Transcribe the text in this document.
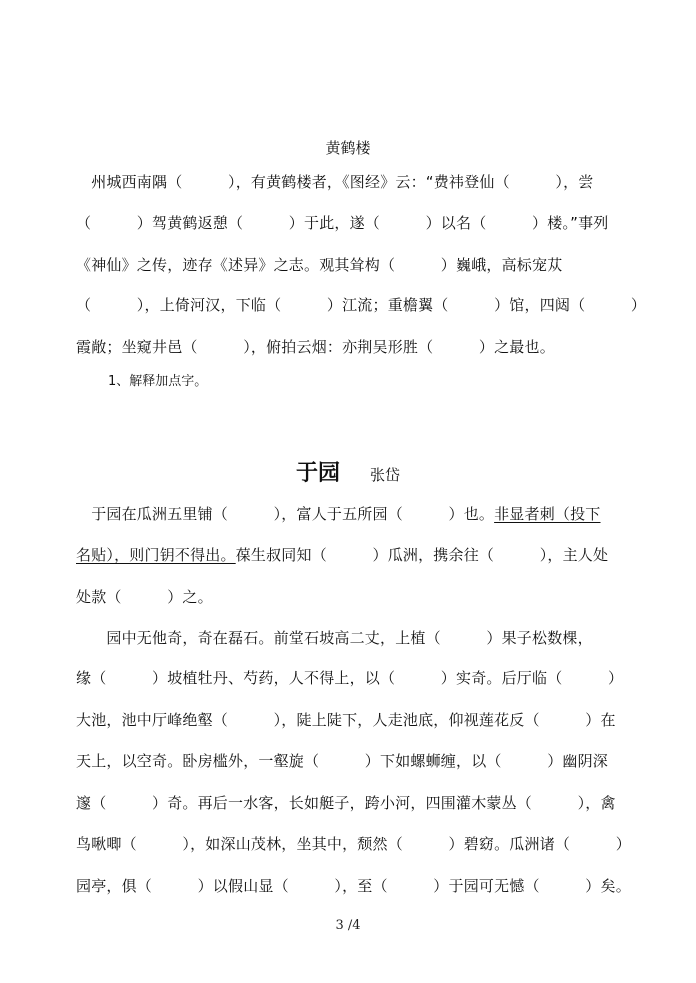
黄鹤楼
　州城西南隅（　　　），有黄鹤楼者，《图经》云：“费祎登仙（　　　），尝
（　　　）驾黄鹤返憩（　　　）于此，遂（　　　）以名（　　　）楼。”事列
《神仙》之传，迹存《述异》之志。观其耸构（　　　）巍峨，高标宠苁
（　　　），上倚河汉，下临（　　　）江流；重檐翼（　　　）馆，四闼（　　　）
霞敞；坐窥井邑（　　　），俯拍云烟：亦荆吴形胜（　　　）之最也。
1、解释加点字。
于园 张岱
　于园在瓜洲五里铺（　　　），富人于五所园（　　　）也。非显者刺（投下
名贴），则门钥不得出。葆生叔同知（　　　）瓜洲，携余往（　　　），主人处
处款（　　　）之。
　　园中无他奇，奇在磊石。前堂石坡高二丈，上植（　　　）果子松数棵，
缘（　　　）坡植牡丹、芍药，人不得上，以（　　　）实奇。后厅临（　　　）
大池，池中厅峰绝壑（　　　），陡上陡下，人走池底，仰视莲花反（　　　）在
天上，以空奇。卧房槛外，一壑旋（　　　）下如螺蛳缠，以（　　　）幽阴深
邃（　　　）奇。再后一水客，长如艇子，跨小河，四围灌木蒙丛（　　　），禽
鸟啾唧（　　　），如深山茂林，坐其中，颓然（　　　）碧窈。瓜洲诸（　　　）
园亭，俱（　　　）以假山显（　　　），至（　　　）于园可无憾（　　　）矣。
3 /4
